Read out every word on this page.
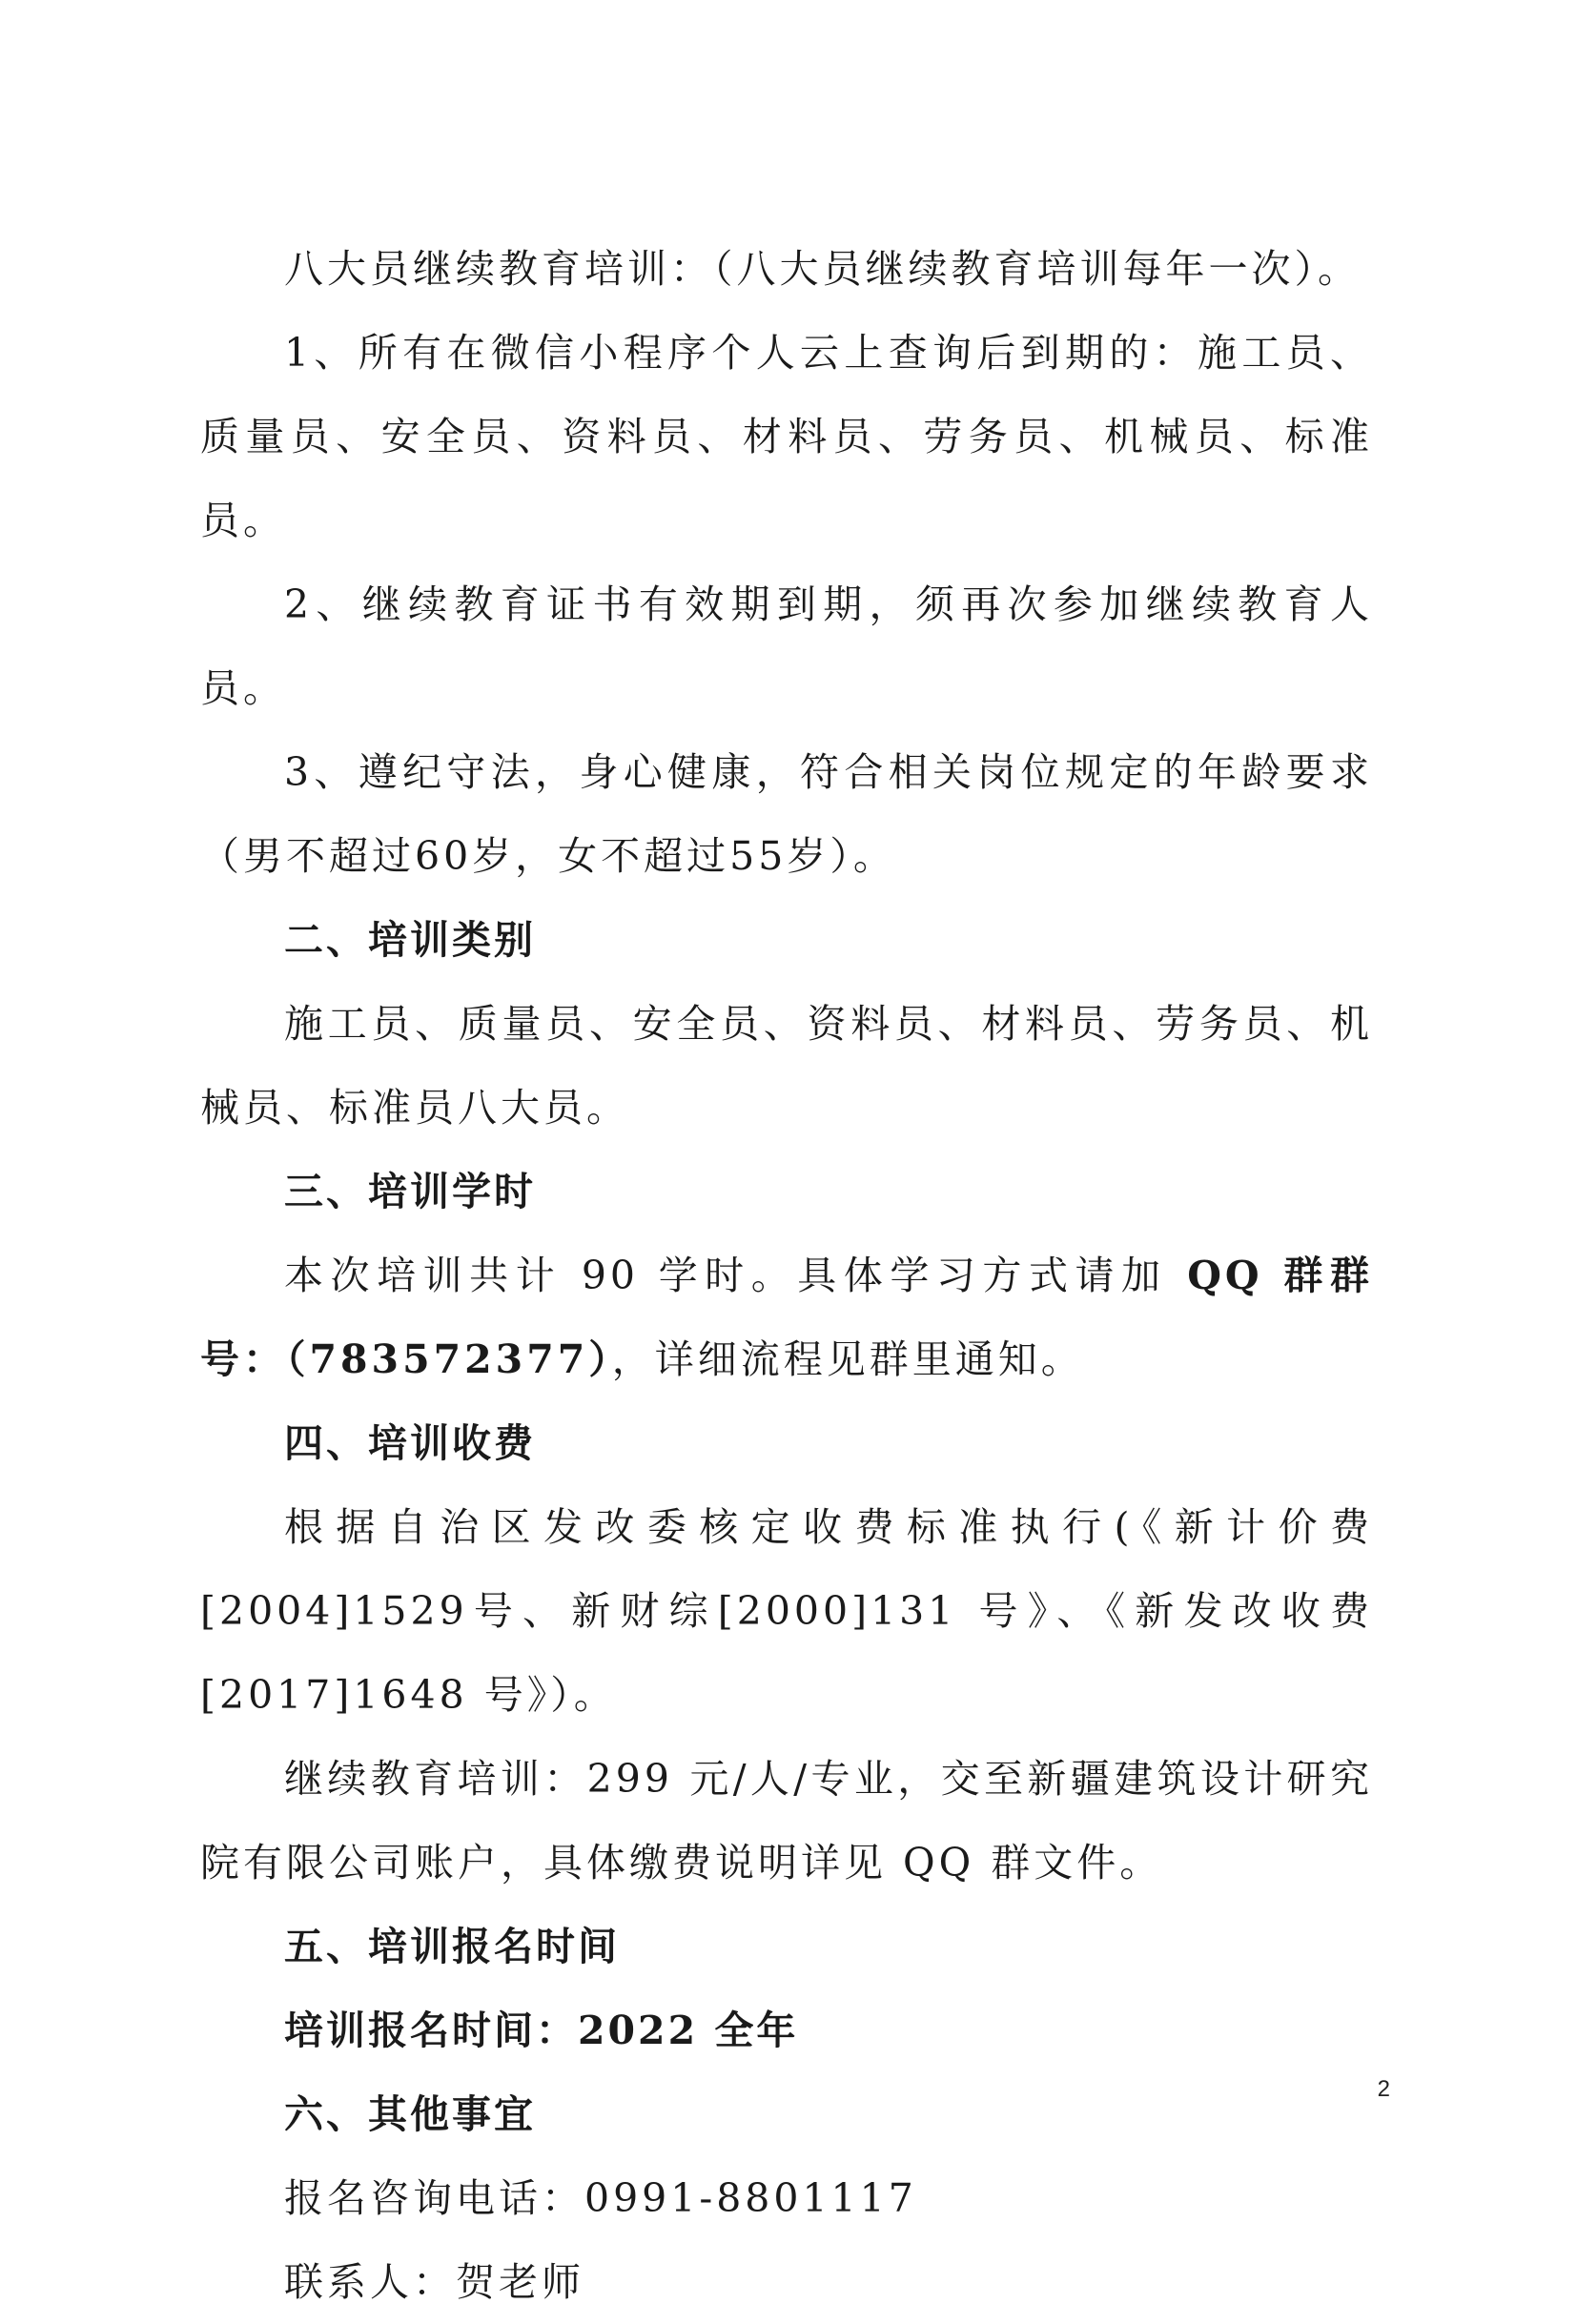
八大员继续教育培训：（八大员继续教育培训每年一次）。

1、所有在微信小程序个人云上查询后到期的：施工员、质量员、安全员、资料员、材料员、劳务员、机械员、标准员。

2、继续教育证书有效期到期，须再次参加继续教育人员。

3、遵纪守法，身心健康，符合相关岗位规定的年龄要求（男不超过60岁，女不超过55岁）。

二、培训类别

施工员、质量员、安全员、资料员、材料员、劳务员、机械员、标准员八大员。

三、培训学时

本次培训共计 90 学时。具体学习方式请加 QQ 群群号：（783572377），详细流程见群里通知。

四、培训收费

根据自治区发改委核定收费标准执行(《新计价费[2004]1529号、新财综[2000]131 号》、《新发改收费[2017]1648 号》）。

继续教育培训：299 元/人/专业，交至新疆建筑设计研究院有限公司账户，具体缴费说明详见 QQ 群文件。

五、培训报名时间

培训报名时间：2022 全年

六、其他事宜

报名咨询电话：0991-8801117

联系人：贺老师

2
